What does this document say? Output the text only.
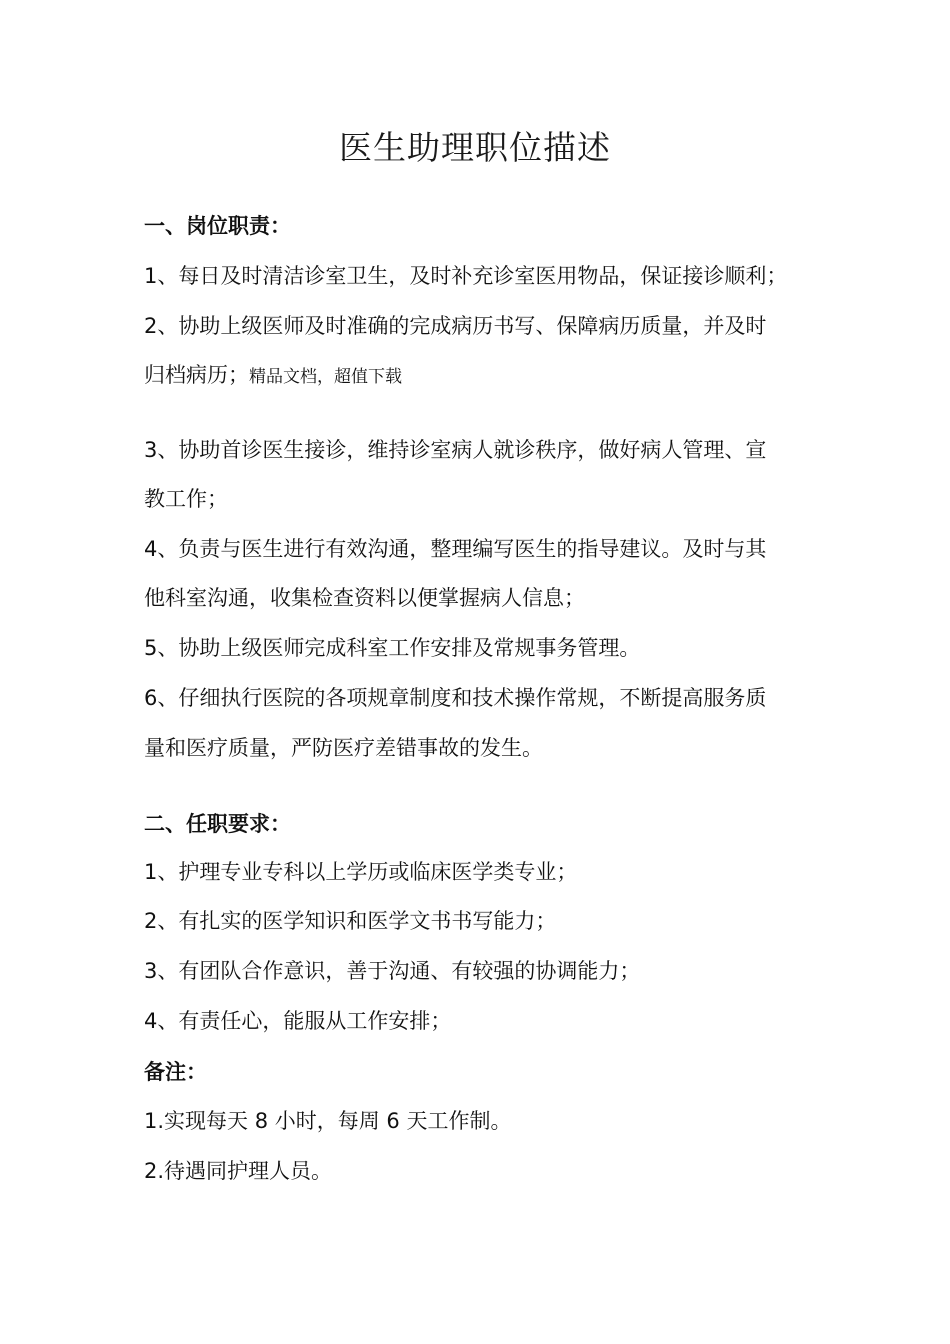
医生助理职位描述
一、岗位职责：
1、每日及时清洁诊室卫生，及时补充诊室医用物品，保证接诊顺利；
2、协助上级医师及时准确的完成病历书写、保障病历质量，并及时
归档病历；精品文档，超值下载
3、协助首诊医生接诊，维持诊室病人就诊秩序，做好病人管理、宣
教工作；
4、负责与医生进行有效沟通，整理编写医生的指导建议。及时与其
他科室沟通，收集检查资料以便掌握病人信息；
5、协助上级医师完成科室工作安排及常规事务管理。
6、仔细执行医院的各项规章制度和技术操作常规，不断提高服务质
量和医疗质量，严防医疗差错事故的发生。
二、任职要求：
1、护理专业专科以上学历或临床医学类专业；
2、有扎实的医学知识和医学文书书写能力；
3、有团队合作意识，善于沟通、有较强的协调能力；
4、有责任心，能服从工作安排；
备注：
1.实现每天 8 小时，每周 6 天工作制。
2.待遇同护理人员。
